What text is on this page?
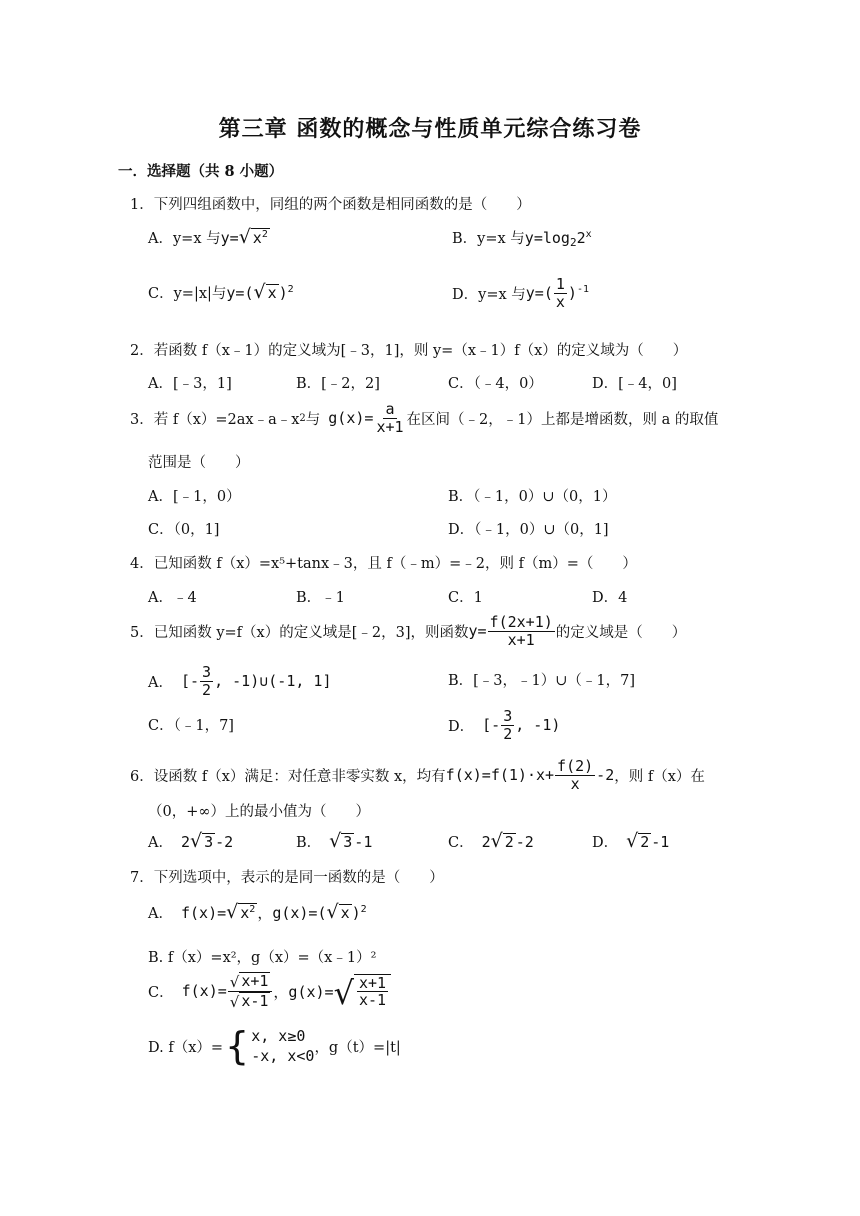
第三章 函数的概念与性质单元综合练习卷
一．选择题（共 8 小题）
1．下列四组函数中，同组的两个函数是相同函数的是（　　）
A． y=x 与 y= √ $x^2$	B． y=x 与 y=log 2 2$^x$
C． y=|x|与 y= ( √ x )$^2$	D． y=x 与 y= ( $\frac{1}{x} )^{-1}$
2．若函数 f（x﹣1）的定义域为[﹣3，1]，则 y=（x﹣1）f（x）的定义域为（　　）
A．[﹣3，1]	B．[﹣2，2]	C．（﹣4，0）	D．[﹣4，0]
3．若 f（x）=2ax﹣a﹣x 2 与 $g(x)= \frac{a}{x+1}$ 在区间（﹣2，﹣1）上都是增函数，则 a 的取值
范围是（　　）
A．[﹣1，0）	B．（﹣1，0）∪（0，1）
C．（0，1]	D．（﹣1，0）∪（0，1]
4．已知函数 f（x）=x⁵+tanx﹣3，且 f（﹣m）=﹣2，则 f（m）=（　　）
A．﹣4	B．﹣1	C．1	D．4
5．已知函数 y=f（x）的定义域是[﹣2，3]，则函数 $y= \frac{f(2x+1)}{x+1}$ 的定义域是（　　）
A． [- $\frac{3}{2}$ , -1)∪(-1, 1]	B．[﹣3，﹣1）∪（﹣1，7]
C．（﹣1，7]	D． [- $\frac{3}{2}$ , -1)
6．设函数 f（x）满足：对任意非零实数 x，均有 $f(x)=f(1)\cdot x+ \frac{f(2)}{x} -2$ ，则 f（x）在
（0，+∞）上的最小值为（　　）
A． 2 √ 3 -2	B． √ 3 -1	C． 2 √ 2 -2	D． √ 2 -1
7．下列选项中，表示的是同一函数的是（　　）
A． f(x)= √ $x^2$ ，g(x)=( √ x )$^2$
B. f（x）=x²，g（x）=（x﹣1）²
C． $f(x)= \frac{√ x+1}{√ x-1}$ ，g(x)= √ $\frac{x+1}{x-1}$
D. f（x）= { x, x≥0
-x, x<0 ，g（t）=|t|
